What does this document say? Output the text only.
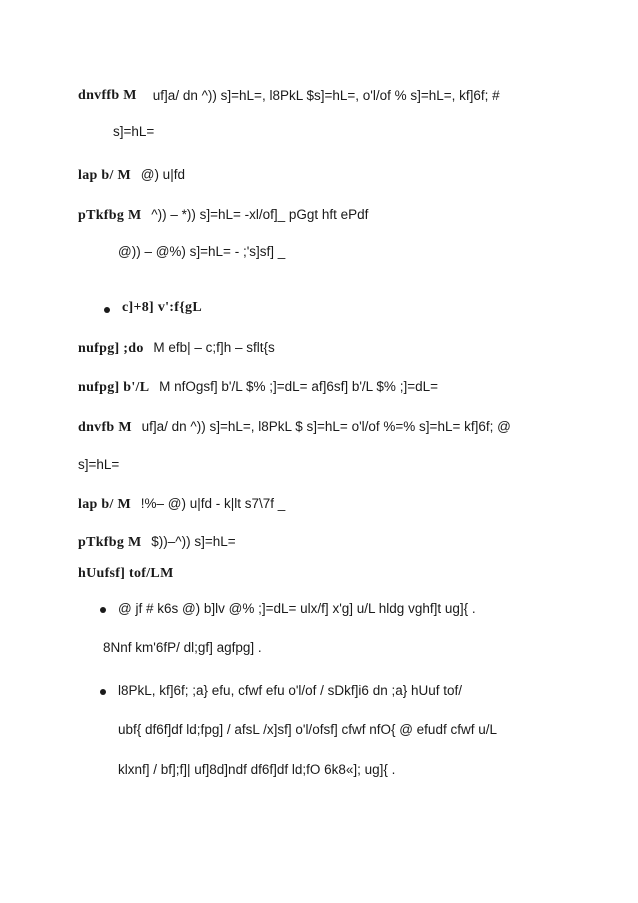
dnvffb M uf]a/ dn ^)) s]=hL=, l8PkL $s]=hL=, o'l/of % s]=hL=, kf]6f; #
s]=hL=
lap b/ M @) u|fd
pTkfbg M ^)) – *)) s]=hL= -xl/of]_ pGgt hft ePdf
@)) – @%) s]=hL= - ;'s]sf] _
c]+8] v':f{gL
nufpg] ;do M efb| – c;f]h – sflt{s
nufpg] b'/L M nfOgsf] b'/L $% ;]=dL= af]6sf] b'/L $% ;]=dL=
dnvfb M uf]a/ dn ^)) s]=hL=, l8PkL $ s]=hL= o'l/of %=% s]=hL= kf]6f; @
s]=hL=
lap b/ M !%– @) u|fd - k|lt s7\7f _
pTkfbg M $))–^)) s]=hL=
hUufsf] tof/LM
@ jf # k6s @) b]lv @% ;]=dL= ulx/f] x'g] u/L hldg vghf]t ug]{ .
8Nnf km'6fP/ dl;gf] agfpg] .
l8PkL, kf]6f; ;a} efu, cfwf efu o'l/of / sDkf]i6 dn ;a} hUuf tof/
ubf{ df6f]df ld;fpg] / afsL /x]sf] o'l/ofsf] cfwf nfO{ @ efudf cfwf u/L
klxnf] / bf];f]| uf]8d]ndf df6f]df ld;fO 6k8«]; ug]{ .
